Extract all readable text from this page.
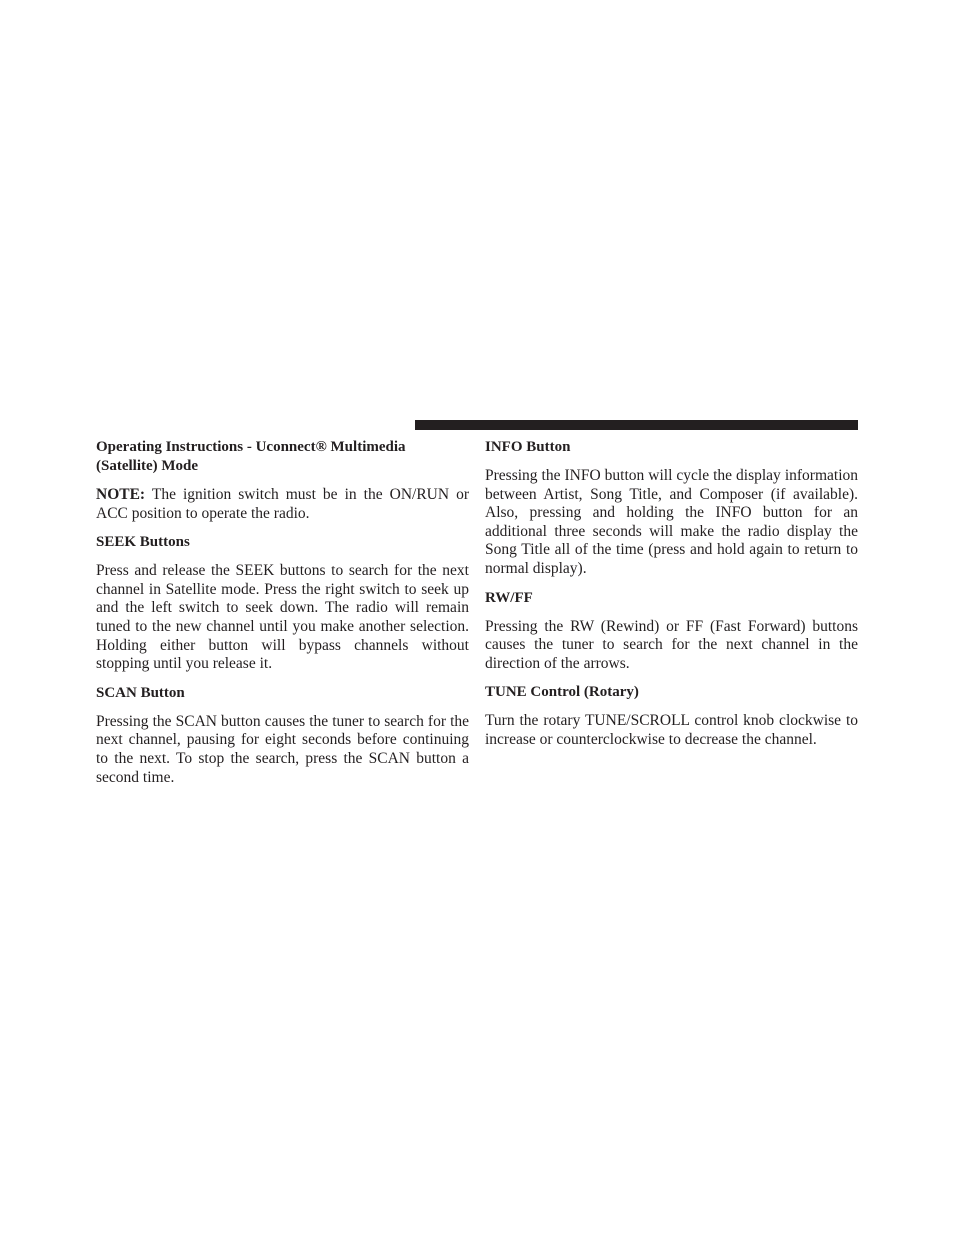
Operating Instructions - Uconnect® Multimedia (Satellite) Mode

NOTE: The ignition switch must be in the ON/RUN or ACC position to operate the radio.

SEEK Buttons

Press and release the SEEK buttons to search for the next channel in Satellite mode. Press the right switch to seek up and the left switch to seek down. The radio will remain tuned to the new channel until you make another selection. Holding either button will bypass channels without stopping until you release it.

SCAN Button

Pressing the SCAN button causes the tuner to search for the next channel, pausing for eight seconds before continuing to the next. To stop the search, press the SCAN button a second time.

INFO Button

Pressing the INFO button will cycle the display information between Artist, Song Title, and Composer (if available). Also, pressing and holding the INFO button for an additional three seconds will make the radio display the Song Title all of the time (press and hold again to return to normal display).

RW/FF

Pressing the RW (Rewind) or FF (Fast Forward) buttons causes the tuner to search for the next channel in the direction of the arrows.

TUNE Control (Rotary)

Turn the rotary TUNE/SCROLL control knob clockwise to increase or counterclockwise to decrease the channel.
